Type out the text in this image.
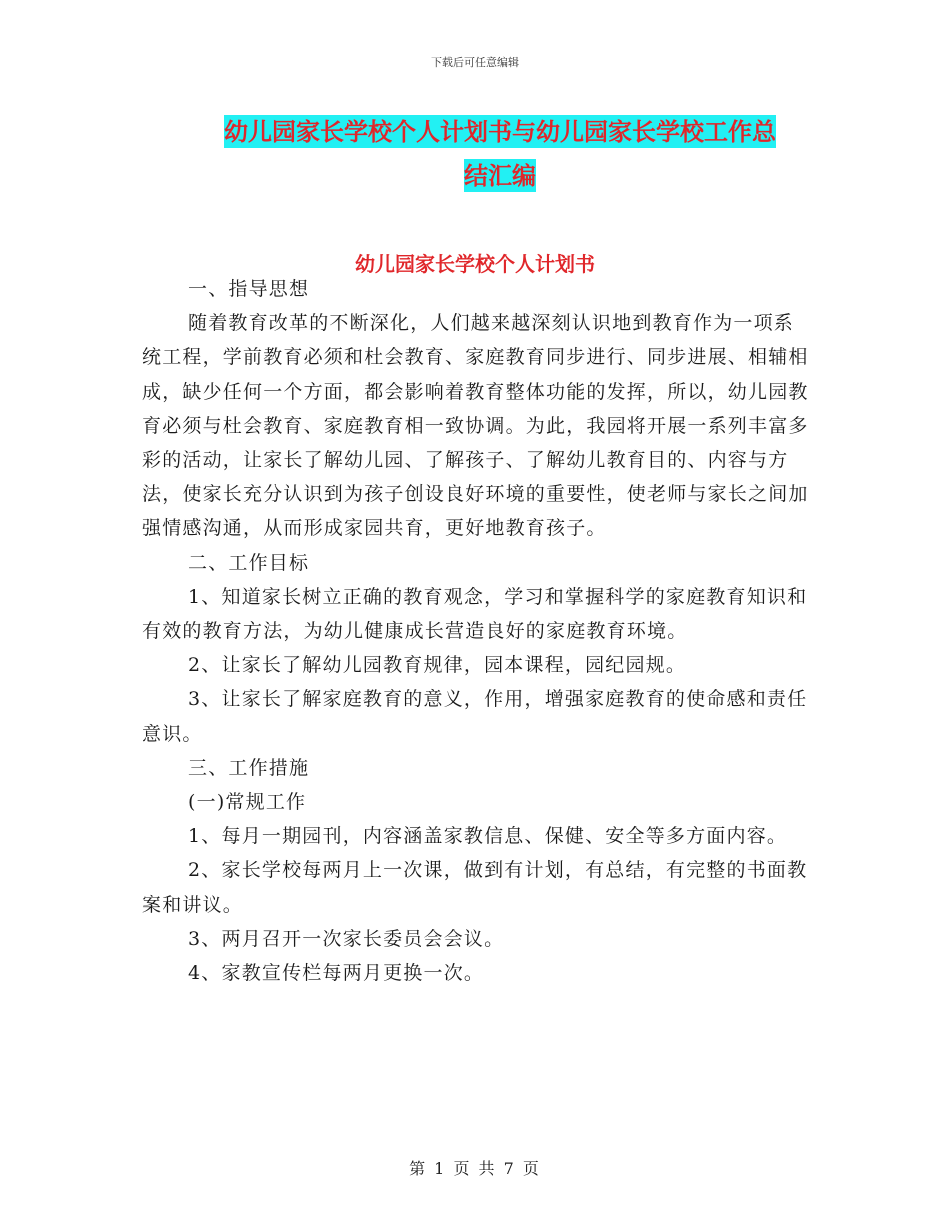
下载后可任意编辑
幼儿园家长学校个人计划书与幼儿园家长学校工作总
结汇编
幼儿园家长学校个人计划书

一、指导思想

随着教育改革的不断深化，人们越来越深刻认识地到教育作为一项系统工程，学前教育必须和杜会教育、家庭教育同步进行、同步进展、相辅相成，缺少任何一个方面，都会影响着教育整体功能的发挥，所以，幼儿园教育必须与杜会教育、家庭教育相一致协调。为此，我园将开展一系列丰富多彩的活动，让家长了解幼儿园、了解孩子、了解幼儿教育目的、内容与方法，使家长充分认识到为孩子创设良好环境的重要性，使老师与家长之间加强情感沟通，从而形成家园共育，更好地教育孩子。

二、工作目标

1、知道家长树立正确的教育观念，学习和掌握科学的家庭教育知识和有效的教育方法，为幼儿健康成长营造良好的家庭教育环境。

2、让家长了解幼儿园教育规律，园本课程，园纪园规。

3、让家长了解家庭教育的意义，作用，增强家庭教育的使命感和责任意识。

三、工作措施

(一)常规工作

1、每月一期园刊，内容涵盖家教信息、保健、安全等多方面内容。

2、家长学校每两月上一次课，做到有计划，有总结，有完整的书面教案和讲议。

3、两月召开一次家长委员会会议。

4、家教宣传栏每两月更换一次。

第 1 页 共 7 页
